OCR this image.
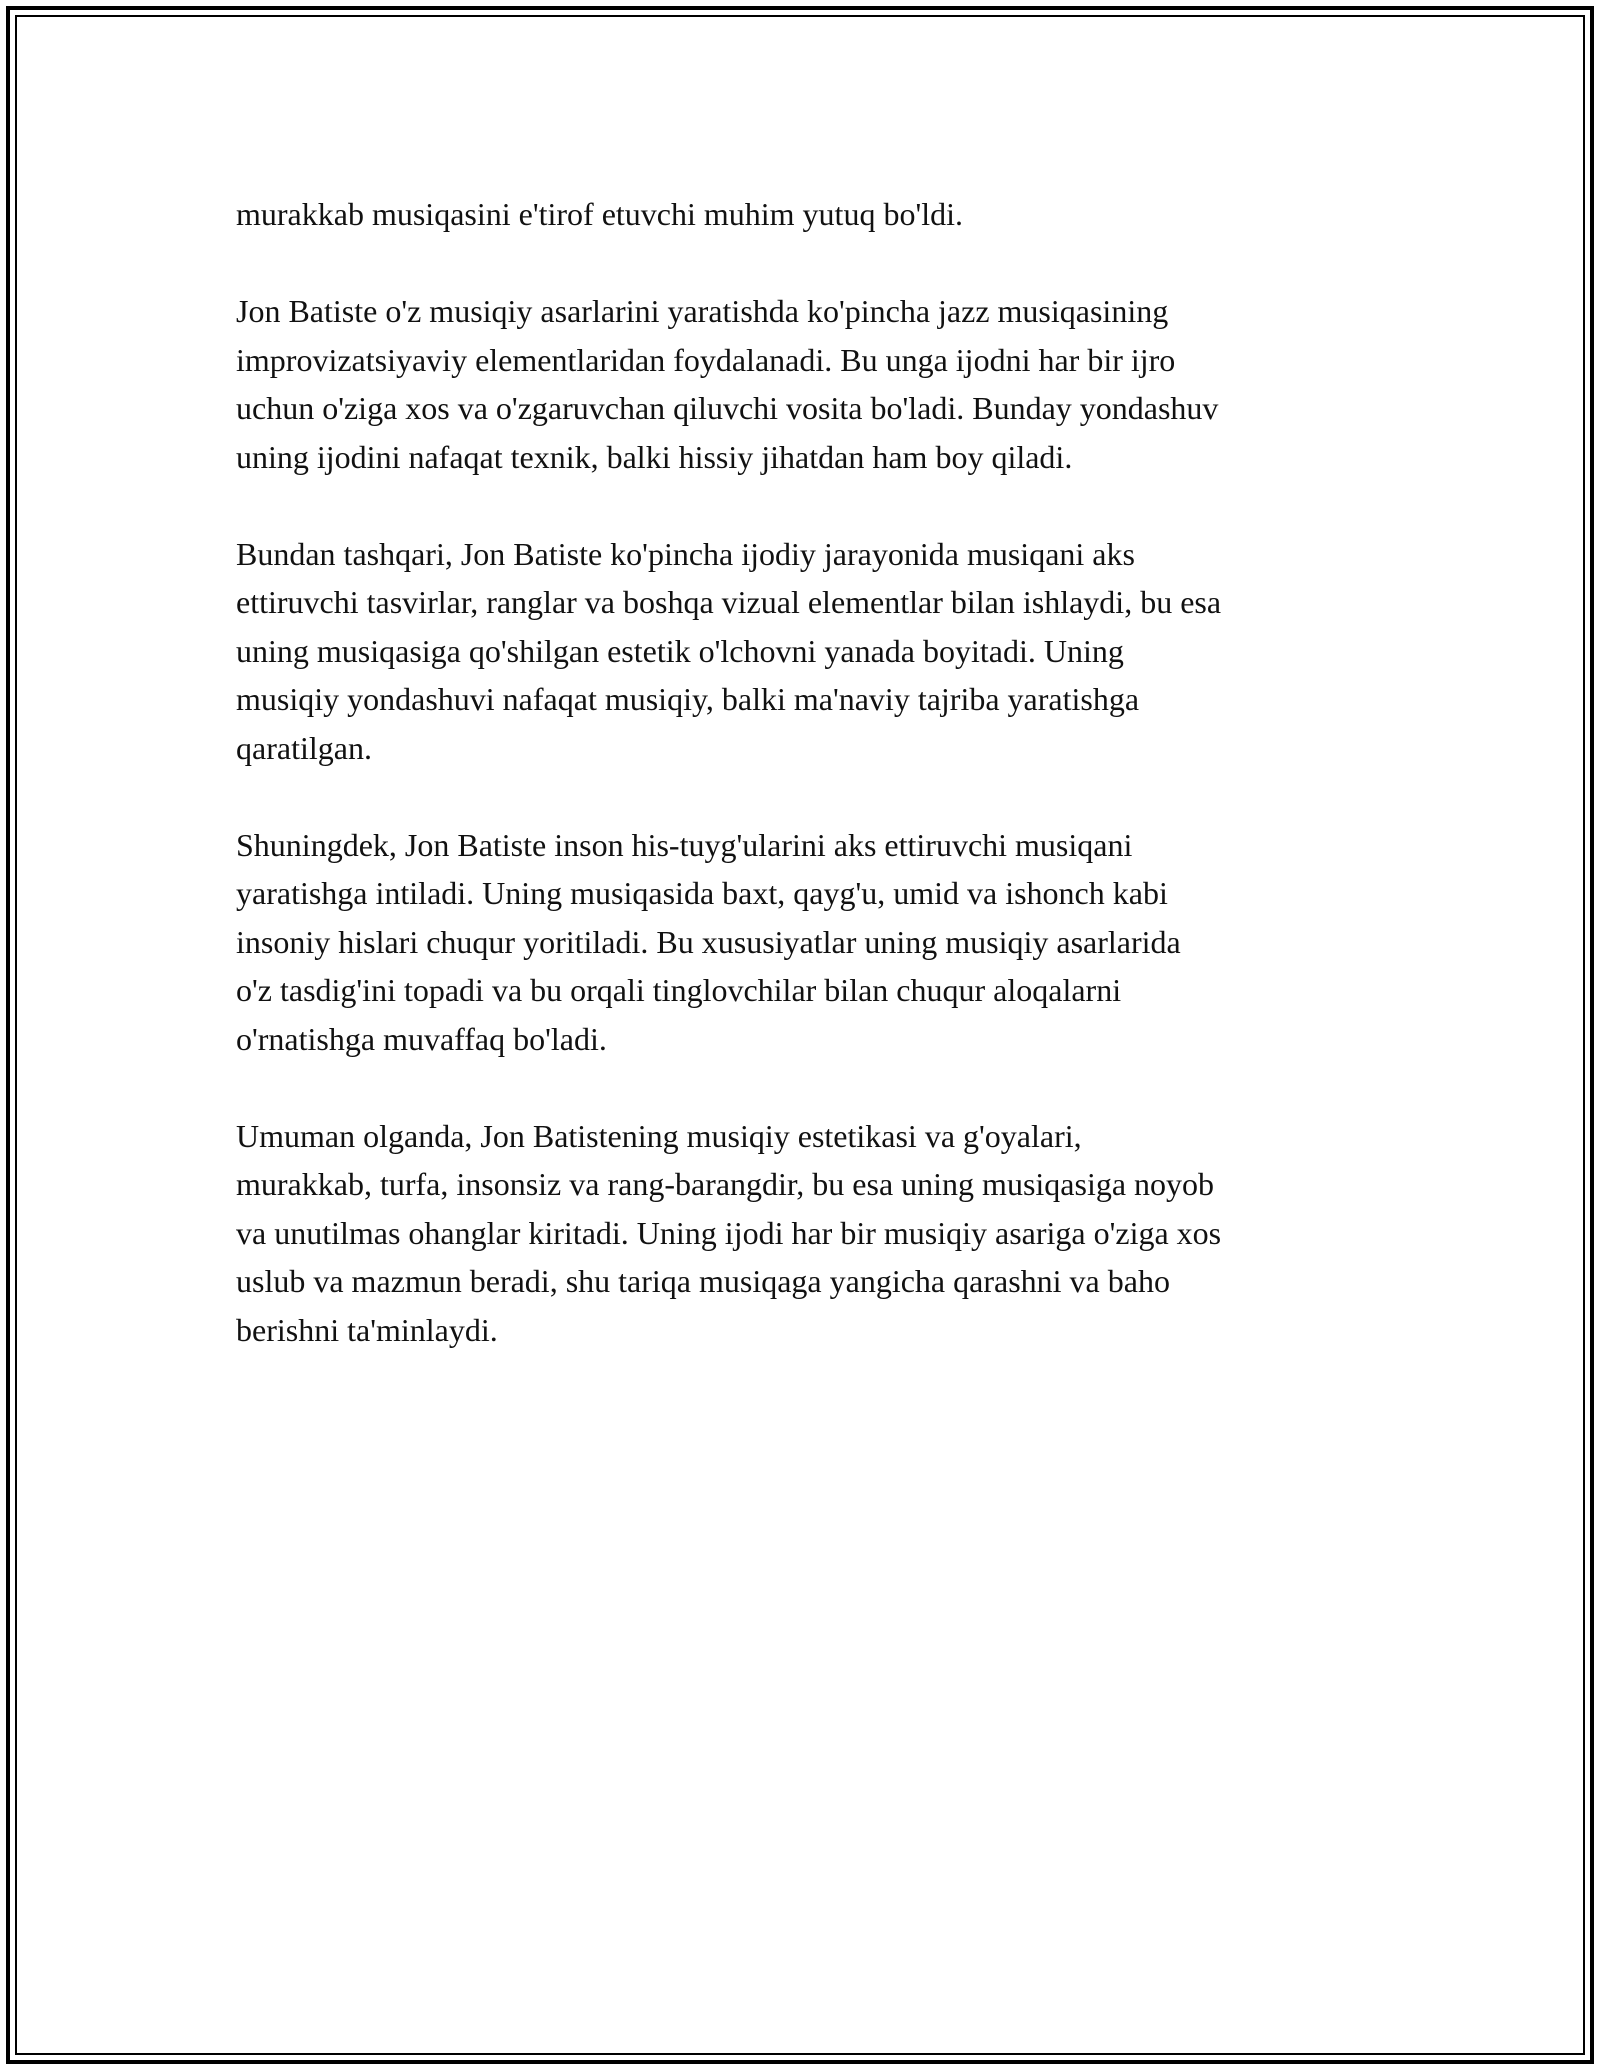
murakkab musiqasini e'tirof etuvchi muhim yutuq bo'ldi.

Jon Batiste o'z musiqiy asarlarini yaratishda ko'pincha jazz musiqasining
improvizatsiyaviy elementlaridan foydalanadi. Bu unga ijodni har bir ijro
uchun o'ziga xos va o'zgaruvchan qiluvchi vosita bo'ladi. Bunday yondashuv
uning ijodini nafaqat texnik, balki hissiy jihatdan ham boy qiladi.

Bundan tashqari, Jon Batiste ko'pincha ijodiy jarayonida musiqani aks
ettiruvchi tasvirlar, ranglar va boshqa vizual elementlar bilan ishlaydi, bu esa
uning musiqasiga qo'shilgan estetik o'lchovni yanada boyitadi. Uning
musiqiy yondashuvi nafaqat musiqiy, balki ma'naviy tajriba yaratishga
qaratilgan.

Shuningdek, Jon Batiste inson his-tuyg'ularini aks ettiruvchi musiqani
yaratishga intiladi. Uning musiqasida baxt, qayg'u, umid va ishonch kabi
insoniy hislari chuqur yoritiladi. Bu xususiyatlar uning musiqiy asarlarida
o'z tasdig'ini topadi va bu orqali tinglovchilar bilan chuqur aloqalarni
o'rnatishga muvaffaq bo'ladi.

Umuman olganda, Jon Batistening musiqiy estetikasi va g'oyalari,
murakkab, turfa, insonsiz va rang-barangdir, bu esa uning musiqasiga noyob
va unutilmas ohanglar kiritadi. Uning ijodi har bir musiqiy asariga o'ziga xos
uslub va mazmun beradi, shu tariqa musiqaga yangicha qarashni va baho
berishni ta'minlaydi.
